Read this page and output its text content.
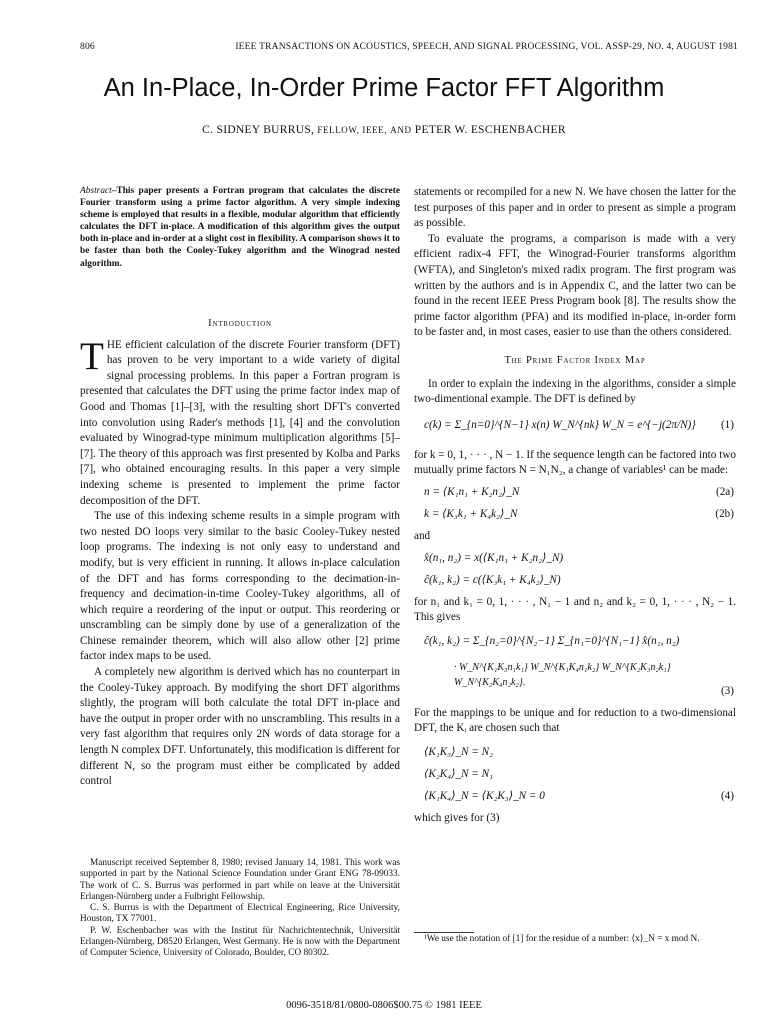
806	IEEE TRANSACTIONS ON ACOUSTICS, SPEECH, AND SIGNAL PROCESSING, VOL. ASSP-29, NO. 4, AUGUST 1981
An In-Place, In-Order Prime Factor FFT Algorithm
C. SIDNEY BURRUS, FELLOW, IEEE, AND PETER W. ESCHENBACHER
Abstract–This paper presents a Fortran program that calculates the discrete Fourier transform using a prime factor algorithm. A very simple indexing scheme is employed that results in a flexible, modular algorithm that efficiently calculates the DFT in-place. A modification of this algorithm gives the output both in-place and in-order at a slight cost in flexibility. A comparison shows it to be faster than both the Cooley-Tukey algorithm and the Winograd nested algorithm.
Introduction

THE efficient calculation of the discrete Fourier transform (DFT) has proven to be very important to a wide variety of digital signal processing problems. In this paper a Fortran program is presented that calculates the DFT using the prime factor index map of Good and Thomas [1]–[3], with the resulting short DFT's converted into convolution using Rader's methods [1], [4] and the convolution evaluated by Winograd-type minimum multiplication algorithms [5]–[7]. The theory of this approach was first presented by Kolba and Parks [7], who obtained encouraging results. In this paper a very simple indexing scheme is presented to implement the prime factor decomposition of the DFT.

The use of this indexing scheme results in a simple program with two nested DO loops very similar to the basic Cooley-Tukey nested loop programs. The indexing is not only easy to understand and modify, but is very efficient in running. It allows in-place calculation of the DFT and has forms corresponding to the decimation-in-frequency and decimation-in-time Cooley-Tukey algorithms, all of which require a reordering of the input or output. This reordering or unscrambling can be simply done by use of a generalization of the Chinese remainder theorem, which will also allow other [2] prime factor index maps to be used.

A completely new algorithm is derived which has no counterpart in the Cooley-Tukey approach. By modifying the short DFT algorithms slightly, the program will both calculate the total DFT in-place and have the output in proper order with no unscrambling. This results in a very fast algorithm that requires only 2N words of data storage for a length N complex DFT. Unfortunately, this modification is different for different N, so the program must either be complicated by added control

Manuscript received September 8, 1980; revised January 14, 1981. This work was supported in part by the National Science Foundation under Grant ENG 78-09033. The work of C. S. Burrus was performed in part while on leave at the Universität Erlangen-Nürnberg under a Fulbright Fellowship.

C. S. Burrus is with the Department of Electrical Engineering, Rice University, Houston, TX 77001.

P. W. Eschenbacher was with the Institut für Nachrichtentechnik, Universität Erlangen-Nürnberg, D8520 Erlangen, West Germany. He is now with the Department of Computer Science, University of Colorado, Boulder, CO 80302.

statements or recompiled for a new N. We have chosen the latter for the test purposes of this paper and in order to present as simple a program as possible.

To evaluate the programs, a comparison is made with a very efficient radix-4 FFT, the Winograd-Fourier transforms algorithm (WFTA), and Singleton's mixed radix program. The first program was written by the authors and is in Appendix C, and the latter two can be found in the recent IEEE Press Program book [8]. The results show the prime factor algorithm (PFA) and its modified in-place, in-order form to be faster and, in most cases, easier to use than the others considered.

The Prime Factor Index Map

In order to explain the indexing in the algorithms, consider a simple two-dimentional example. The DFT is defined by

c(k) = Σ_{n=0}^{N−1} x(n) W_N^{nk} W_N = e^{−j(2π/N)} (1)

for k = 0, 1, · · · , N − 1. If the sequence length can be factored into two mutually prime factors N = N₁N₂, a change of variables¹ can be made:

n = ⟨K₁n₁ + K₂n₂⟩_N	(2a)
k = ⟨K₃k₁ + K₄k₂⟩_N	(2b)

and

x̂(n₁, n₂) = x(⟨K₁n₁ + K₂n₂⟩_N)
ĉ(k₁, k₂) = c(⟨K₃k₁ + K₄k₂⟩_N)

for n₁ and k₁ = 0, 1, · · · , N₁ − 1 and n₂ and k₂ = 0, 1, · · · , N₂ − 1. This gives

ĉ(k₁, k₂) = Σ_{n₂=0}^{N₂−1} Σ_{n₁=0}^{N₁−1} x̂(n₁, n₂)
· W_N^{K₁K₃n₁k₁} W_N^{K₁K₄n₁k₂} W_N^{K₂K₃n₂k₁} W_N^{K₂K₄n₂k₂}.
(3)

For the mappings to be unique and for reduction to a two-dimensional DFT, the Kᵢ are chosen such that

⟨K₁K₃⟩_N = N₂
⟨K₂K₄⟩_N = N₁
⟨K₁K₄⟩_N = ⟨K₂K₃⟩_N = 0	(4)

which gives for (3)

¹We use the notation of [1] for the residue of a number: ⟨x⟩_N = x mod N.
0096-3518/81/0800-0806$00.75 © 1981 IEEE
